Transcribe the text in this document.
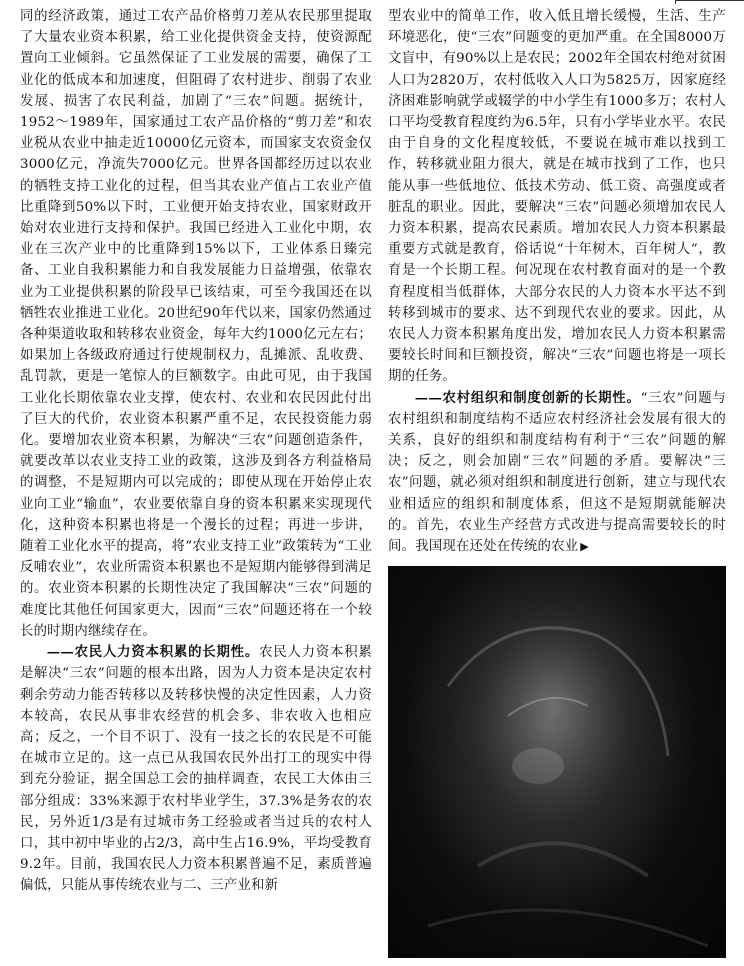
同的经济政策，通过工农产品价格剪刀差从农民那里提取了大量农业资本积累，给工业化提供资金支持，使资源配置向工业倾斜。它虽然保证了工业发展的需要，确保了工业化的低成本和加速度，但阻碍了农村进步、削弱了农业发展、损害了农民利益，加剧了“三农”问题。据统计，1952～1989年，国家通过工农产品价格的“剪刀差”和农业税从农业中抽走近10000亿元资本，而国家支农资金仅3000亿元，净流失7000亿元。世界各国都经历过以农业的牺牲支持工业化的过程，但当其农业产值占工农业产值比重降到50%以下时，工业便开始支持农业，国家财政开始对农业进行支持和保护。我国已经进入工业化中期，农业在三次产业中的比重降到15%以下，工业体系日臻完备、工业自我积累能力和自我发展能力日益增强，依靠农业为工业提供积累的阶段早已该结束，可至今我国还在以牺牲农业推进工业化。20世纪90年代以来，国家仍然通过各种渠道收取和转移农业资金，每年大约1000亿元左右；如果加上各级政府通过行使规制权力，乱摊派、乱收费、乱罚款，更是一笔惊人的巨额数字。由此可见，由于我国工业化长期依靠农业支撑，使农村、农业和农民因此付出了巨大的代价，农业资本积累严重不足，农民投资能力弱化。要增加农业资本积累，为解决“三农”问题创造条件，就要改革以农业支持工业的政策，这涉及到各方利益格局的调整，不是短期内可以完成的；即使从现在开始停止农业向工业“输血”，农业要依靠自身的资本积累来实现现代化，这种资本积累也将是一个漫长的过程；再进一步讲，随着工业化水平的提高，将“农业支持工业”政策转为“工业反哺农业”，农业所需资本积累也不是短期内能够得到满足的。农业资本积累的长期性决定了我国解决“三农”问题的难度比其他任何国家更大，因而“三农”问题还将在一个较长的时期内继续存在。

——农民人力资本积累的长期性。农民人力资本积累是解决“三农”问题的根本出路，因为人力资本是决定农村剩余劳动力能否转移以及转移快慢的决定性因素，人力资本较高，农民从事非农经营的机会多、非农收入也相应高；反之，一个目不识丁、没有一技之长的农民是不可能在城市立足的。这一点已从我国农民外出打工的现实中得到充分验证，据全国总工会的抽样调查，农民工大体由三部分组成：33%来源于农村毕业学生，37.3%是务农的农民，另外近1/3是有过城市务工经验或者当过兵的农村人口，其中初中毕业的占2/3，高中生占16.9%，平均受教育9.2年。目前，我国农民人力资本积累普遍不足，素质普遍偏低，只能从事传统农业与二、三产业和新

型农业中的简单工作，收入低且增长缓慢，生活、生产环境恶化，使“三农”问题变的更加严重。在全国8000万文盲中，有90%以上是农民；2002年全国农村绝对贫困人口为2820万，农村低收入人口为5825万，因家庭经济困难影响就学或辍学的中小学生有1000多万；农村人口平均受教育程度约为6.5年，只有小学毕业水平。农民由于自身的文化程度较低，不要说在城市难以找到工作，转移就业阻力很大，就是在城市找到了工作，也只能从事一些低地位、低技术劳动、低工资、高强度或者脏乱的职业。因此，要解决“三农”问题必须增加农民人力资本积累，提高农民素质。增加农民人力资本积累最重要方式就是教育，俗话说“十年树木，百年树人”，教育是一个长期工程。何况现在农村教育面对的是一个教育程度相当低群体，大部分农民的人力资本水平达不到转移到城市的要求、达不到现代农业的要求。因此，从农民人力资本积累角度出发，增加农民人力资本积累需要较长时间和巨额投资，解决“三农”问题也将是一项长期的任务。

——农村组织和制度创新的长期性。“三农”问题与农村组织和制度结构不适应农村经济社会发展有很大的关系，良好的组织和制度结构有利于“三农”问题的解决；反之，则会加剧“三农”问题的矛盾。要解决“三农”问题，就必须对组织和制度进行创新，建立与现代农业相适应的组织和制度体系，但这不是短期就能解决的。首先，农业生产经营方式改进与提高需要较长的时间。我国现在还处在传统的农业 ▶
